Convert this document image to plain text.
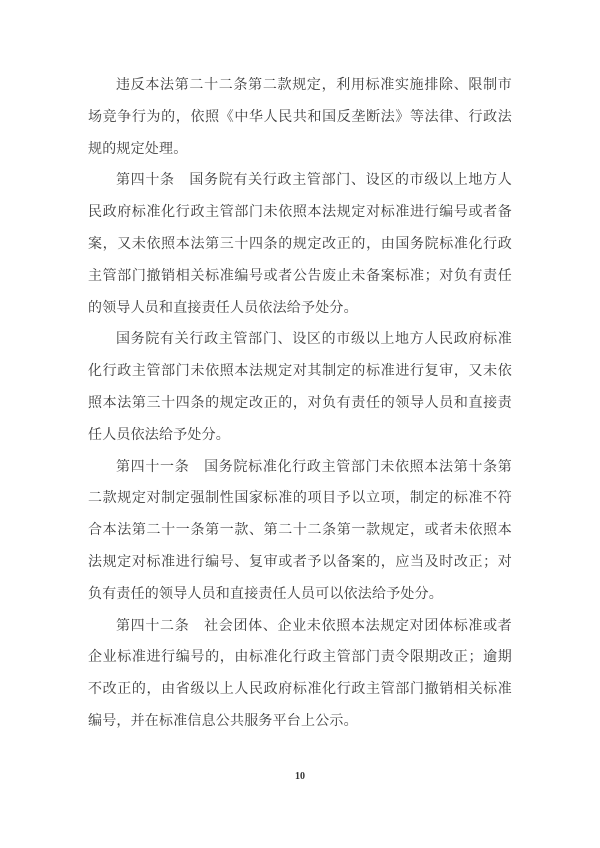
违反本法第二十二条第二款规定，利用标准实施排除、限制市场竞争行为的，依照《中华人民共和国反垄断法》等法律、行政法规的规定处理。

第四十条　国务院有关行政主管部门、设区的市级以上地方人民政府标准化行政主管部门未依照本法规定对标准进行编号或者备案，又未依照本法第三十四条的规定改正的，由国务院标准化行政主管部门撤销相关标准编号或者公告废止未备案标准；对负有责任的领导人员和直接责任人员依法给予处分。

国务院有关行政主管部门、设区的市级以上地方人民政府标准化行政主管部门未依照本法规定对其制定的标准进行复审，又未依照本法第三十四条的规定改正的，对负有责任的领导人员和直接责任人员依法给予处分。

第四十一条　国务院标准化行政主管部门未依照本法第十条第二款规定对制定强制性国家标准的项目予以立项，制定的标准不符合本法第二十一条第一款、第二十二条第一款规定，或者未依照本法规定对标准进行编号、复审或者予以备案的，应当及时改正；对负有责任的领导人员和直接责任人员可以依法给予处分。

第四十二条　社会团体、企业未依照本法规定对团体标准或者企业标准进行编号的，由标准化行政主管部门责令限期改正；逾期不改正的，由省级以上人民政府标准化行政主管部门撤销相关标准编号，并在标准信息公共服务平台上公示。

10
